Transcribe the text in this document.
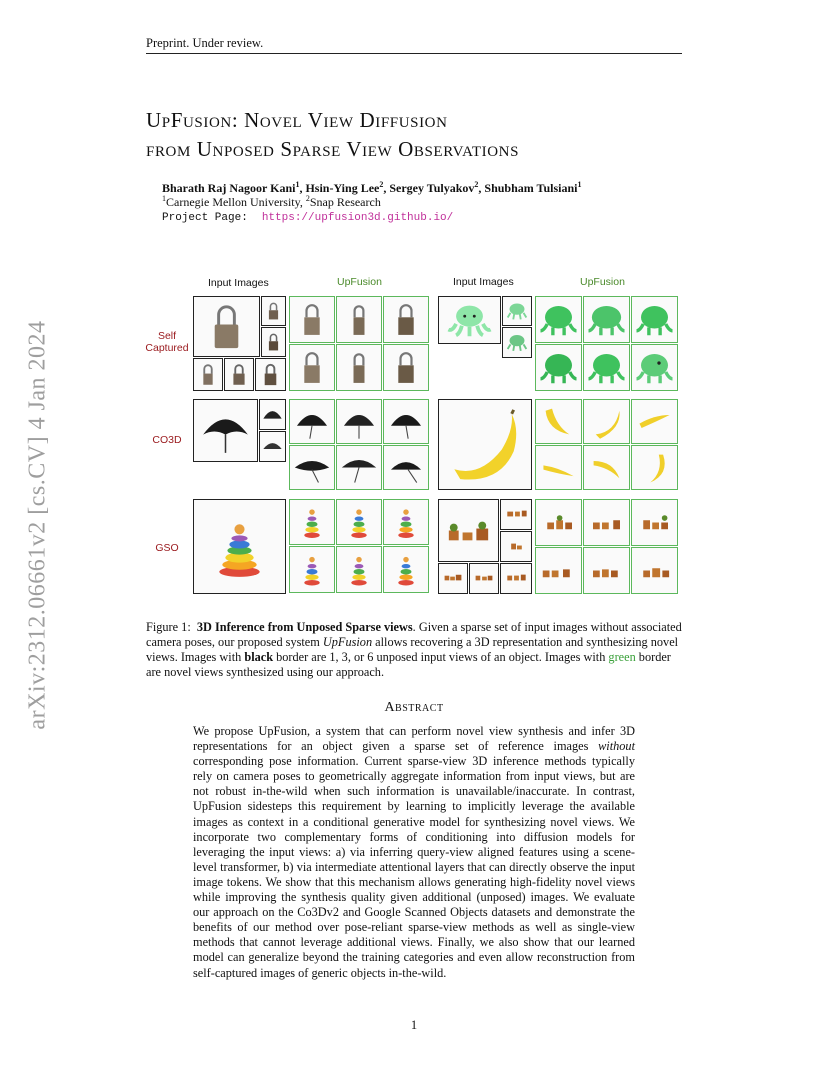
Preprint. Under review.
UpFusion: Novel View Diffusion
from Unposed Sparse View Observations
Bharath Raj Nagoor Kani$^1$, Hsin-Ying Lee$^2$, Sergey Tulyakov$^2$, Shubham Tulsiani$^1$
$^1$Carnegie Mellon University, $^2$Snap Research
Project Page: https://upfusion3d.github.io/
arXiv:2312.06661v2 [cs.CV] 4 Jan 2024
Input Images	UpFusion	Input Images	UpFusion
Self
Captured
CO3D
GSO
Figure 1: 3D Inference from Unposed Sparse views. Given a sparse set of input images without associated camera poses, our proposed system UpFusion allows recovering a 3D representation and synthesizing novel views. Images with black border are 1, 3, or 6 unposed input views of an object. Images with green border are novel views synthesized using our approach.
Abstract
We propose UpFusion, a system that can perform novel view synthesis and infer 3D representations for an object given a sparse set of reference images without corresponding pose information. Current sparse-view 3D inference methods typically rely on camera poses to geometrically aggregate information from input views, but are not robust in-the-wild when such information is unavailable/inaccurate. In contrast, UpFusion sidesteps this requirement by learning to implicitly leverage the available images as context in a conditional generative model for synthesizing novel views. We incorporate two complementary forms of conditioning into diffusion models for leveraging the input views: a) via inferring query-view aligned features using a scene-level transformer, b) via intermediate attentional layers that can directly observe the input image tokens. We show that this mechanism allows generating high-fidelity novel views while improving the synthesis quality given additional (unposed) images. We evaluate our approach on the Co3Dv2 and Google Scanned Objects datasets and demonstrate the benefits of our method over pose-reliant sparse-view methods as well as single-view methods that cannot leverage additional views. Finally, we also show that our learned model can generalize beyond the training categories and even allow reconstruction from self-captured images of generic objects in-the-wild.
1
